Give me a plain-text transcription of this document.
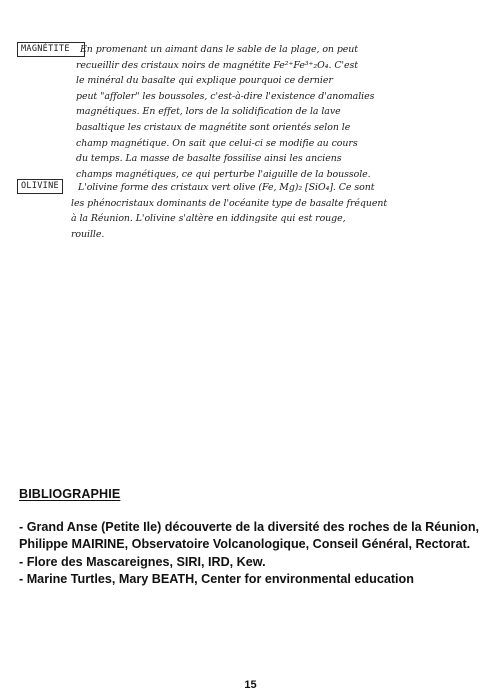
MAGNÉTITE	En promenant un aimant dans le sable de la plage, on peut
recueillir des cristaux noirs de magnétite Fe²⁺Fe³⁺₂O₄. C'est
le minéral du basalte qui explique pourquoi ce dernier
peut "affoler" les boussoles, c'est-à-dire l'existence d'anomalies
magnétiques. En effet, lors de la solidification de la lave
basaltique les cristaux de magnétite sont orientés selon le
champ magnétique. On sait que celui-ci se modifie au cours
du temps. La masse de basalte fossilise ainsi les anciens
champs magnétiques, ce qui perturbe l'aiguille de la boussole.
OLIVINE	L'olivine forme des cristaux vert olive (Fe, Mg)₂ [SiO₄]. Ce sont
les phénocristaux dominants de l'océanite type de basalte fréquent
à la Réunion. L'olivine s'altère en iddingsite qui est rouge,
rouille.
BIBLIOGRAPHIE
- Grand Anse (Petite Ile) découverte de la diversité des roches de la Réunion, Philippe MAIRINE, Observatoire Volcanologique, Conseil Général, Rectorat.
- Flore des Mascareignes, SIRI, IRD, Kew.
- Marine Turtles, Mary BEATH, Center for environmental education
15
